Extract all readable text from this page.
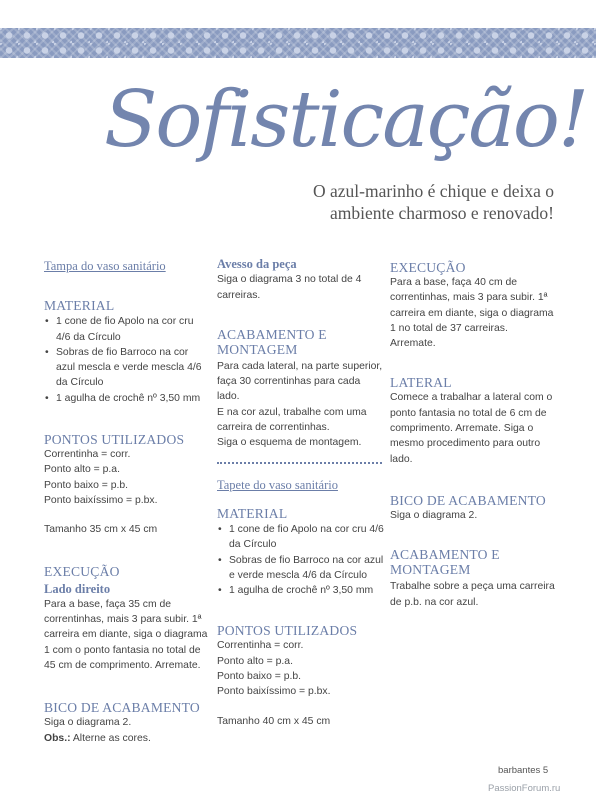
Sofisticação!
O azul-marinho é chique e deixa o
ambiente charmoso e renovado!
Tampa do vaso sanitário
MATERIAL
• 1 cone de fio Apolo na cor cru 4/6 da Círculo
• Sobras de fio Barroco na cor azul mescla e verde mescla 4/6 da Círculo
• 1 agulha de crochê nº 3,50 mm
PONTOS UTILIZADOS
Correntinha = corr.
Ponto alto = p.a.
Ponto baixo = p.b.
Ponto baixíssimo = p.bx.
Tamanho 35 cm x 45 cm
EXECUÇÃO
Lado direito
Para a base, faça 35 cm de correntinhas, mais 3 para subir. 1ª carreira em diante, siga o diagrama 1 com o ponto fantasia no total de 45 cm de comprimento. Arremate.
BICO DE ACABAMENTO
Siga o diagrama 2.
Obs.: Alterne as cores.
Avesso da peça
Siga o diagrama 3 no total de 4 carreiras.
ACABAMENTO E MONTAGEM
Para cada lateral, na parte superior, faça 30 correntinhas para cada lado.
E na cor azul, trabalhe com uma carreira de correntinhas.
Siga o esquema de montagem.
Tapete do vaso sanitário
MATERIAL
• 1 cone de fio Apolo na cor cru 4/6 da Círculo
• Sobras de fio Barroco na cor azul e verde mescla 4/6 da Círculo
• 1 agulha de crochê nº 3,50 mm
PONTOS UTILIZADOS
Correntinha = corr.
Ponto alto = p.a.
Ponto baixo = p.b.
Ponto baixíssimo = p.bx.
Tamanho 40 cm x 45 cm
EXECUÇÃO
Para a base, faça 40 cm de correntinhas, mais 3 para subir. 1ª carreira em diante, siga o diagrama 1 no total de 37 carreiras. Arremate.
LATERAL
Comece a trabalhar a lateral com o ponto fantasia no total de 6 cm de comprimento. Arremate. Siga o mesmo procedimento para outro lado.
BICO DE ACABAMENTO
Siga o diagrama 2.
ACABAMENTO E MONTAGEM
Trabalhe sobre a peça uma carreira de p.b. na cor azul.
barbantes 5
PassionForum.ru
